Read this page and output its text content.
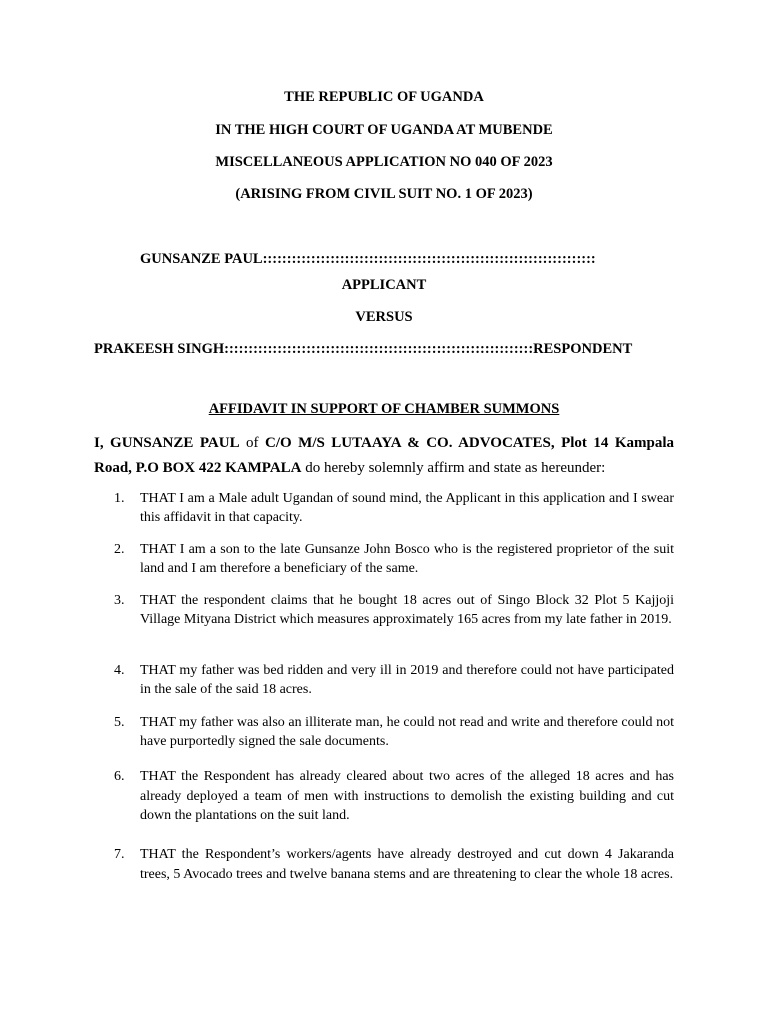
THE REPUBLIC OF UGANDA
IN THE HIGH COURT OF UGANDA AT MUBENDE
MISCELLANEOUS APPLICATION NO 040 OF 2023
(ARISING FROM CIVIL SUIT NO. 1 OF 2023)
GUNSANZE PAUL:::::::::::::::::::::::::::::::::::::::::::::::::::::::::::::::::::::
APPLICANT
VERSUS
PRAKEESH SINGH::::::::::::::::::::::::::::::::::::::::::::::::::::::::::::::::RESPONDENT
AFFIDAVIT IN SUPPORT OF CHAMBER SUMMONS
I, GUNSANZE PAUL of C/O M/S LUTAAYA & CO. ADVOCATES, Plot 14 Kampala Road, P.O BOX 422 KAMPALA do hereby solemnly affirm and state as hereunder:
1.	THAT I am a Male adult Ugandan of sound mind, the Applicant in this application and I swear this affidavit in that capacity.
2.	THAT I am a son to the late Gunsanze John Bosco who is the registered proprietor of the suit land and I am therefore a beneficiary of the same.
3.	THAT the respondent claims that he bought 18 acres out of Singo Block 32 Plot 5 Kajjoji Village Mityana District which measures approximately 165 acres from my late father in 2019.
4.	THAT my father was bed ridden and very ill in 2019 and therefore could not have participated in the sale of the said 18 acres.
5.	THAT my father was also an illiterate man, he could not read and write and therefore could not have purportedly signed the sale documents.
6.	THAT the Respondent has already cleared about two acres of the alleged 18 acres and has already deployed a team of men with instructions to demolish the existing building and cut down the plantations on the suit land.
7.	THAT the Respondent’s workers/agents have already destroyed and cut down 4 Jakaranda trees, 5 Avocado trees and twelve banana stems and are threatening to clear the whole 18 acres.
